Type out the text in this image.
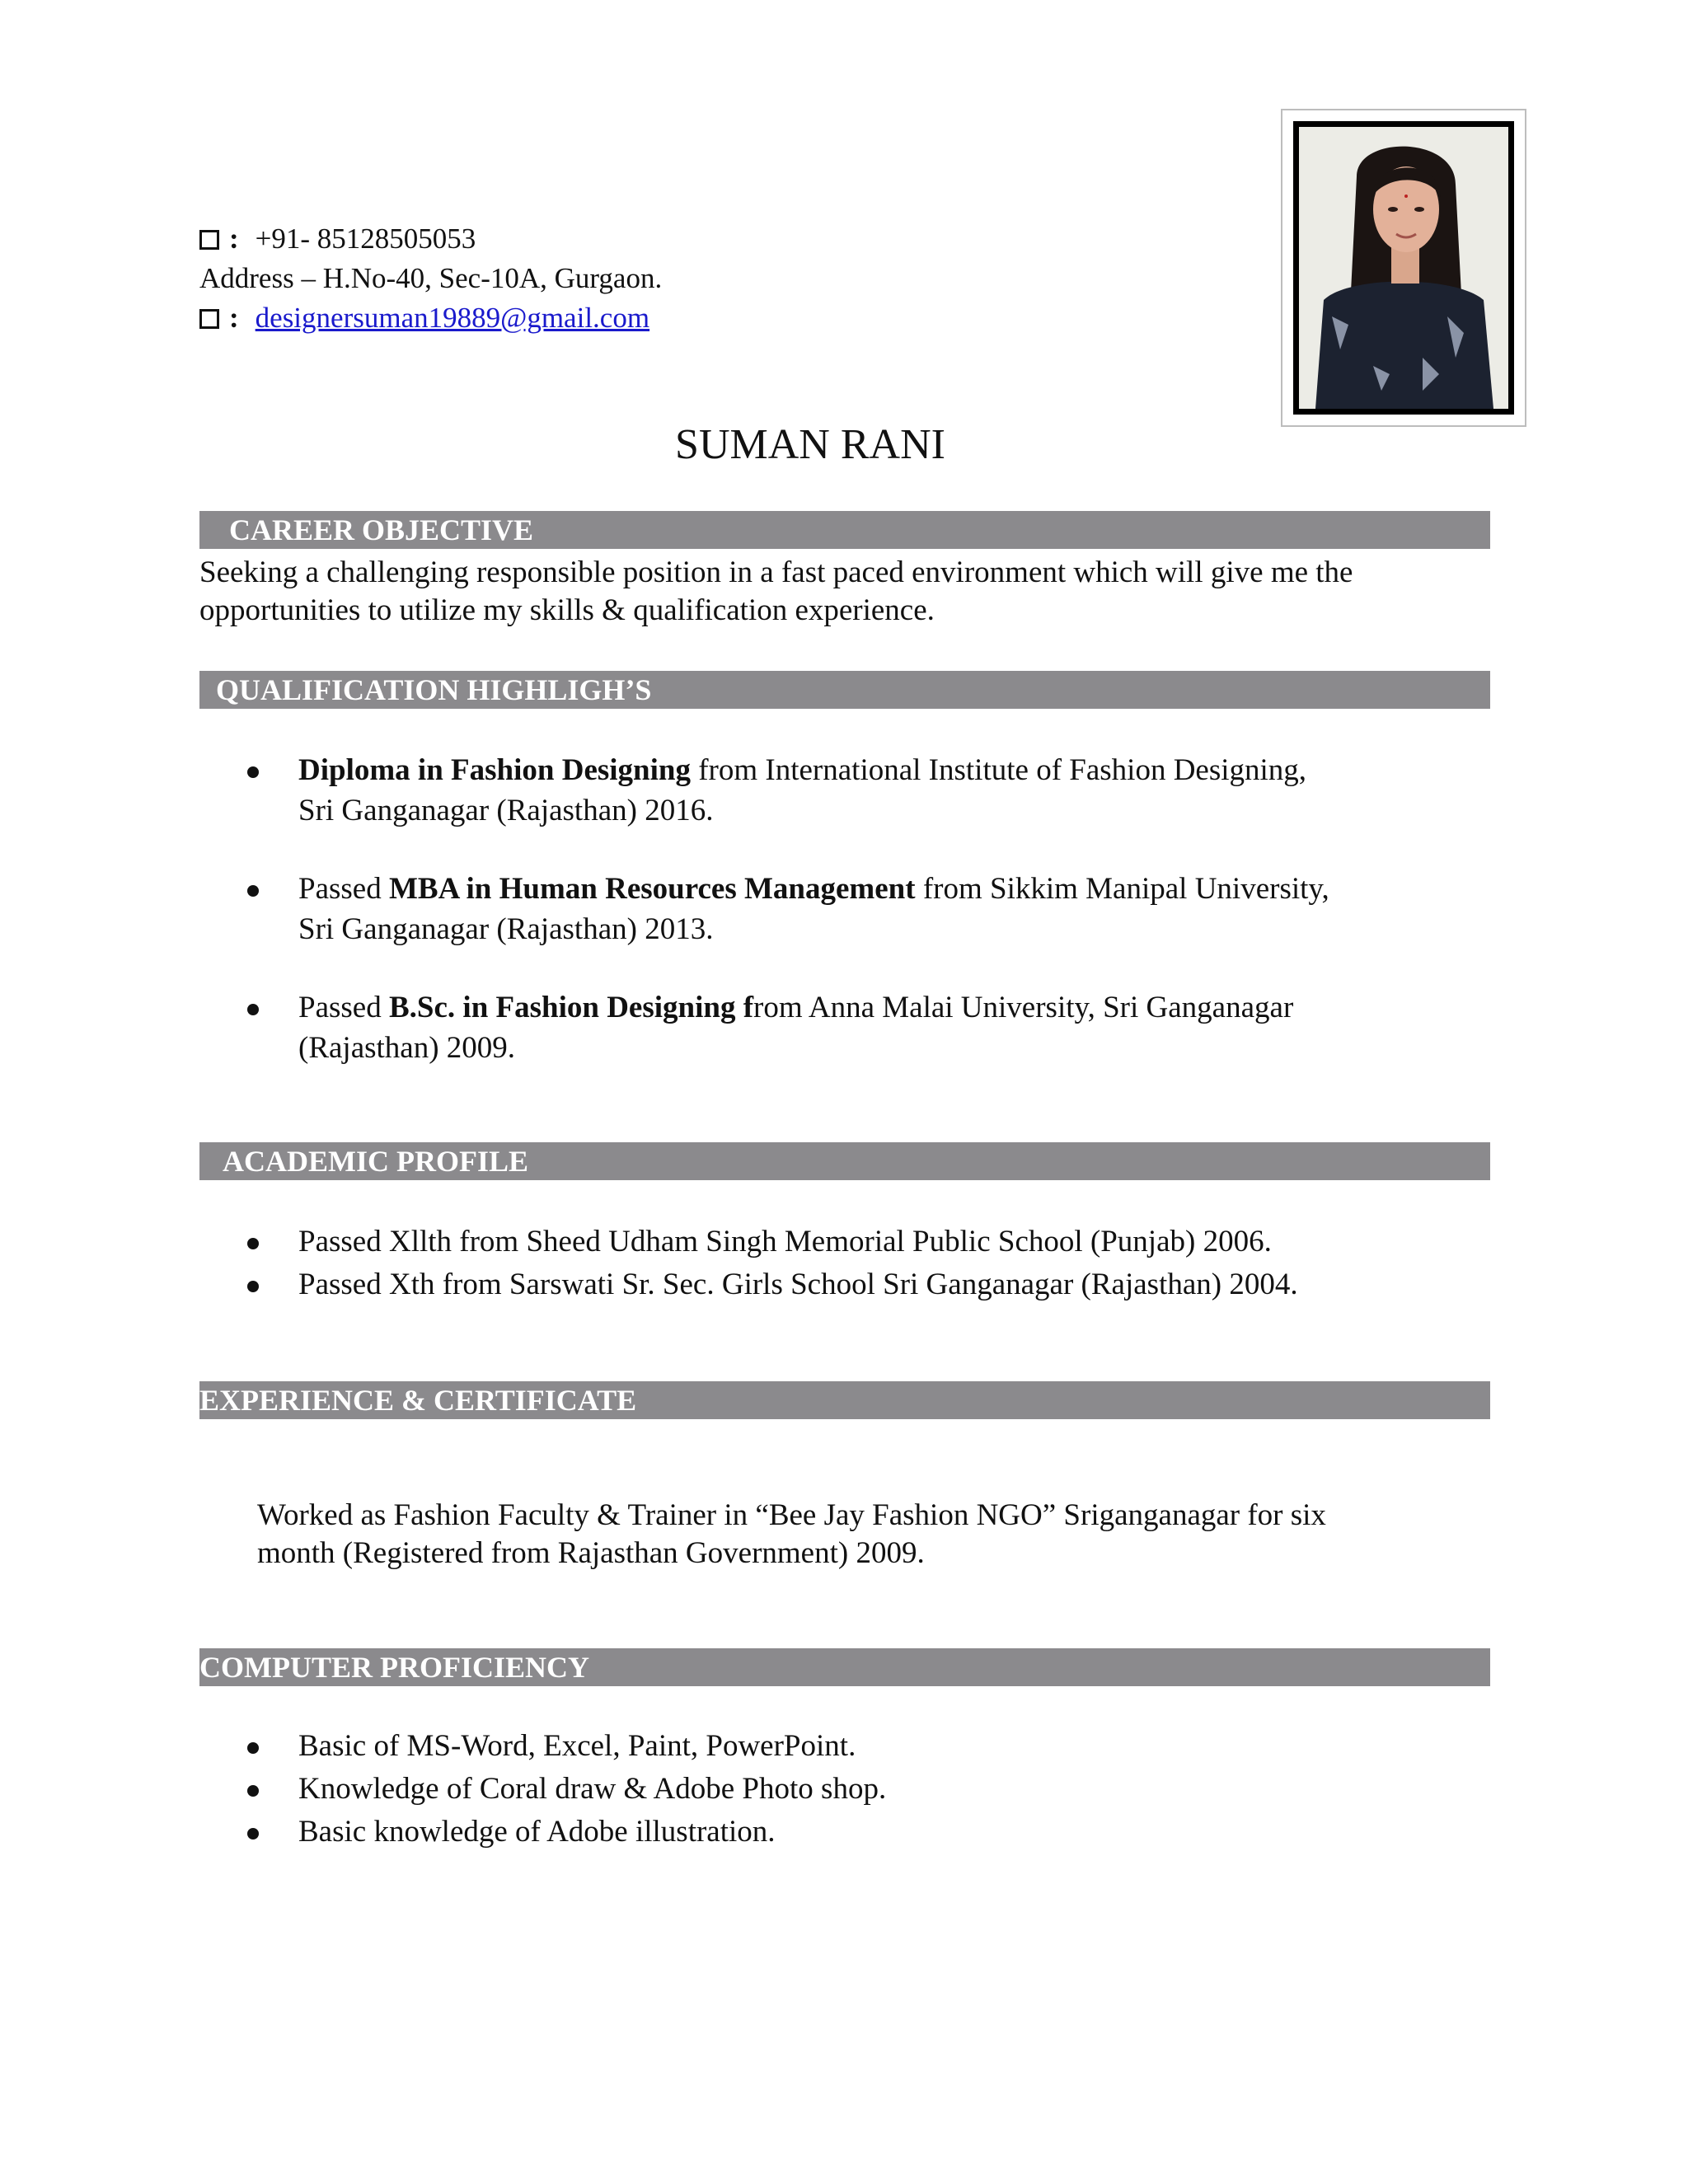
: +91- 85128505053
Address – H.No-40, Sec-10A, Gurgaon.
: designersuman19889@gmail.com
SUMAN RANI
CAREER OBJECTIVE
Seeking a challenging responsible position in a fast paced environment which will give me the
opportunities to utilize my skills & qualification experience.
QUALIFICATION HIGHLIGH’S
Diploma in Fashion Designing from International Institute of Fashion Designing,
Sri Ganganagar (Rajasthan) 2016.
Passed MBA in Human Resources Management from Sikkim Manipal University,
Sri Ganganagar (Rajasthan) 2013.
Passed B.Sc. in Fashion Designing from Anna Malai University, Sri Ganganagar
(Rajasthan) 2009.
ACADEMIC PROFILE
Passed Xllth from Sheed Udham Singh Memorial Public School (Punjab) 2006.
Passed Xth from Sarswati Sr. Sec. Girls School Sri Ganganagar (Rajasthan) 2004.
EXPERIENCE & CERTIFICATE
Worked as Fashion Faculty & Trainer in “Bee Jay Fashion NGO” Sriganganagar for six
month (Registered from Rajasthan Government) 2009.
COMPUTER PROFICIENCY
Basic of MS-Word, Excel, Paint, PowerPoint.
Knowledge of Coral draw & Adobe Photo shop.
Basic knowledge of Adobe illustration.
